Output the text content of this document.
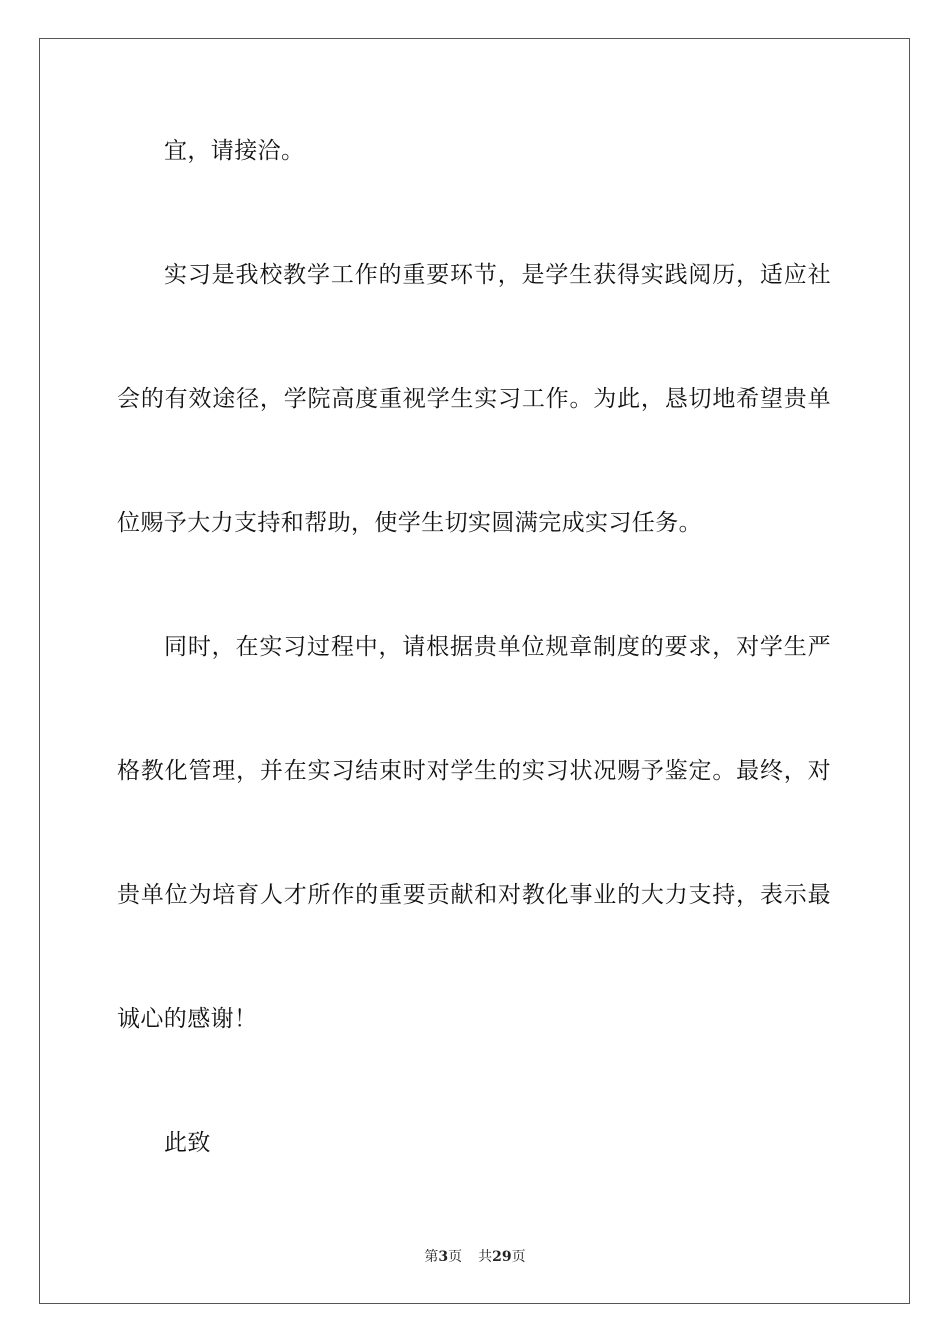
宜，请接洽。
实习是我校教学工作的重要环节，是学生获得实践阅历，适应社
会的有效途径，学院高度重视学生实习工作。为此，恳切地希望贵单
位赐予大力支持和帮助，使学生切实圆满完成实习任务。
同时，在实习过程中，请根据贵单位规章制度的要求，对学生严
格教化管理，并在实习结束时对学生的实习状况赐予鉴定。最终，对
贵单位为培育人才所作的重要贡献和对教化事业的大力支持，表示最
诚心的感谢！
此致
第3页 共29页
